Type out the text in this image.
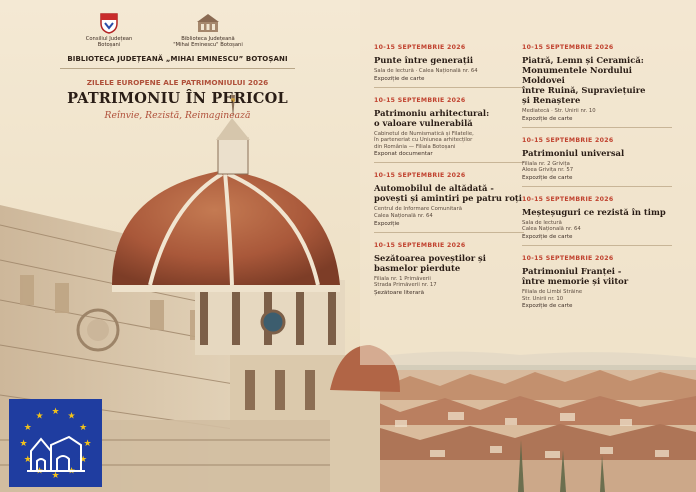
Consiliul Județean
Botoșani
Biblioteca Județeană
"Mihai Eminescu" Botoșani
BIBLIOTECA JUDEȚEANĂ „MIHAI EMINESCU” BOTOȘANI
ZILELE EUROPENE ALE PATRIMONIULUI 2026
PATRIMONIU ÎN PERICOL
Reînvie, Rezistă, Reimaginează
10-15 SEPTEMBRIE 2026
Punte între generații
Sala de lectură · Calea Națională nr. 64
Expoziție de carte
10-15 SEPTEMBRIE 2026
Patrimoniu arhitectural:
o valoare vulnerabilă
Cabinetul de Numismatică și Filatelie,
în parteneriat cu Uniunea arhitecților
din România — Filiala Botoșani
Exponat documentar
10-15 SEPTEMBRIE 2026
Automobilul de altădată -
povești și amintiri pe patru roți
Centrul de Informare Comunitară
Calea Națională nr. 64
Expoziție
10-15 SEPTEMBRIE 2026
Sezătoarea poveștilor și
basmelor pierdute
Filiala nr. 1 Primăverii
Strada Primăverii nr. 17
Șezătoare literară
10-15 SEPTEMBRIE 2026
Piatră, Lemn și Ceramică:
Monumentele Nordului Moldovei
între Ruină, Supraviețuire
și Renaștere
Mediatecă · Str. Unirii nr. 10
Expoziție de carte
10-15 SEPTEMBRIE 2026
Patrimoniul universal
Filiala nr. 2 Grivița
Aleea Grivița nr. 57
Expoziție de carte
10-15 SEPTEMBRIE 2026
Meșteșuguri ce rezistă în timp
Sala de lectură
Calea Națională nr. 64
Expoziție de carte
10-15 SEPTEMBRIE 2026
Patrimoniul Franței -
între memorie și viitor
Filiala de Limbi Străine
Str. Unirii nr. 10
Expoziție de carte
★ ★
★
★
★
★
★
★
★
★
★
★
